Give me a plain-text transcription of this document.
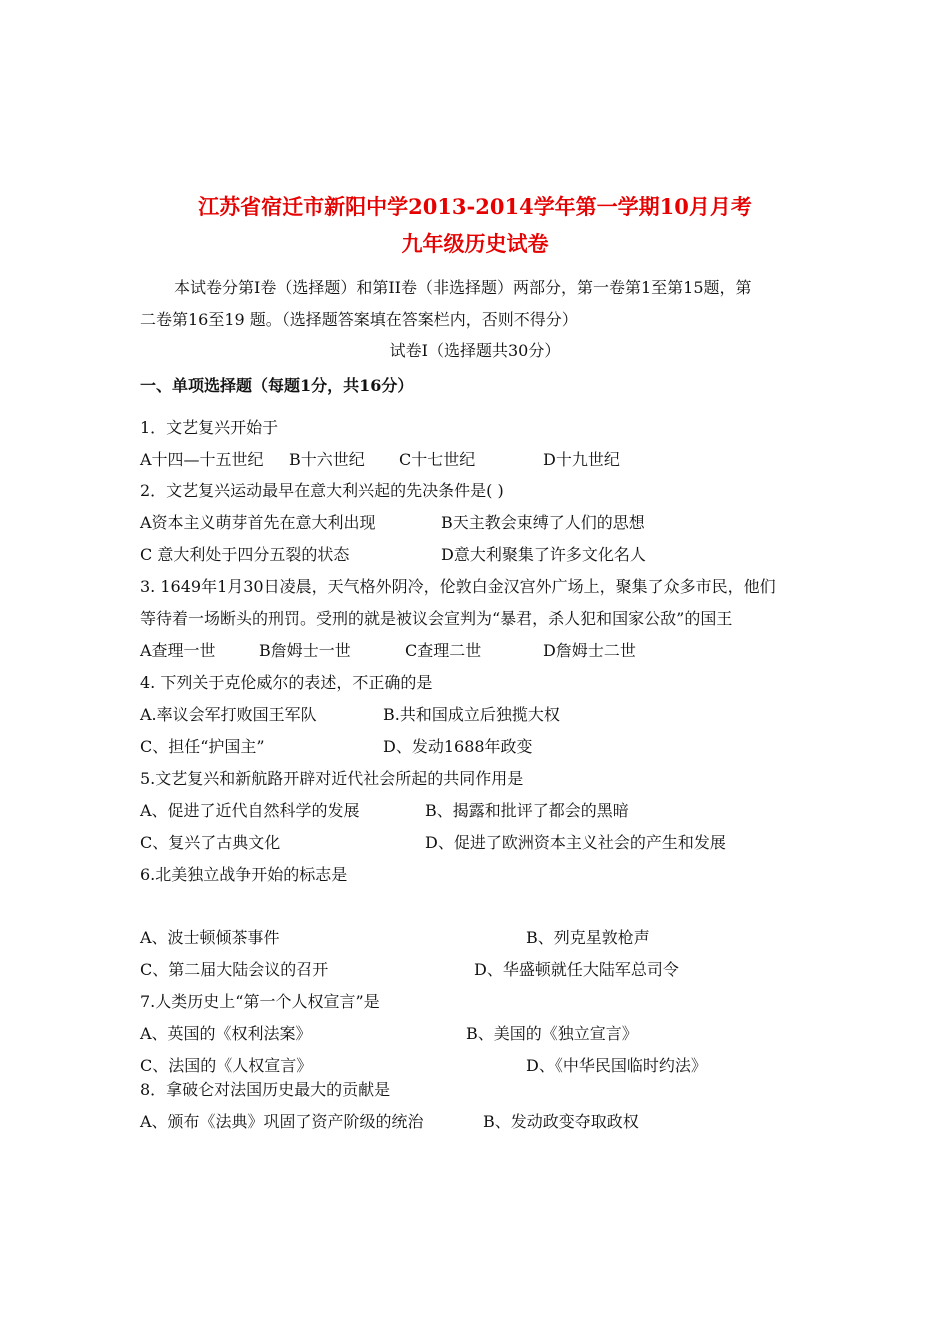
江苏省宿迁市新阳中学2013-2014学年第一学期10月月考
九年级历史试卷
本试卷分第I卷（选择题）和第II卷（非选择题）两部分，第一卷第1至第15题，第
二卷第16至19 题。（选择题答案填在答案栏内，否则不得分）
试卷I（选择题共30分）
一、单项选择题（每题1分，共16分）
1．文艺复兴开始于
A十四—十五世纪 B十六世纪 C十七世纪	D十九世纪
2．文艺复兴运动最早在意大利兴起的先决条件是( )
A资本主义萌芽首先在意大利出现	B天主教会束缚了人们的思想
C 意大利处于四分五裂的状态	D意大利聚集了许多文化名人
3. 1649年1月30日凌晨，天气格外阴冷，伦敦白金汉宫外广场上，聚集了众多市民，他们
等待着一场断头的刑罚。受刑的就是被议会宣判为“暴君，杀人犯和国家公敌”的国王
A查理一世	B詹姆士一世	C查理二世	D詹姆士二世
4. 下列关于克伦威尔的表述，不正确的是
A.率议会军打败国王军队	B.共和国成立后独揽大权
C、担任“护国主”	D、发动1688年政变
5.文艺复兴和新航路开辟对近代社会所起的共同作用是
A、促进了近代自然科学的发展	B、揭露和批评了都会的黑暗
C、复兴了古典文化	D、促进了欧洲资本主义社会的产生和发展
6.北美独立战争开始的标志是
A、波士顿倾茶事件	B、列克星敦枪声
C、第二届大陆会议的召开	D、华盛顿就任大陆军总司令
7.人类历史上“第一个人权宣言”是
A、英国的《权利法案》	B、美国的《独立宣言》
C、法国的《人权宣言》	D、《中华民国临时约法》
8．拿破仑对法国历史最大的贡献是
A、颁布《法典》巩固了资产阶级的统治	B、发动政变夺取政权
